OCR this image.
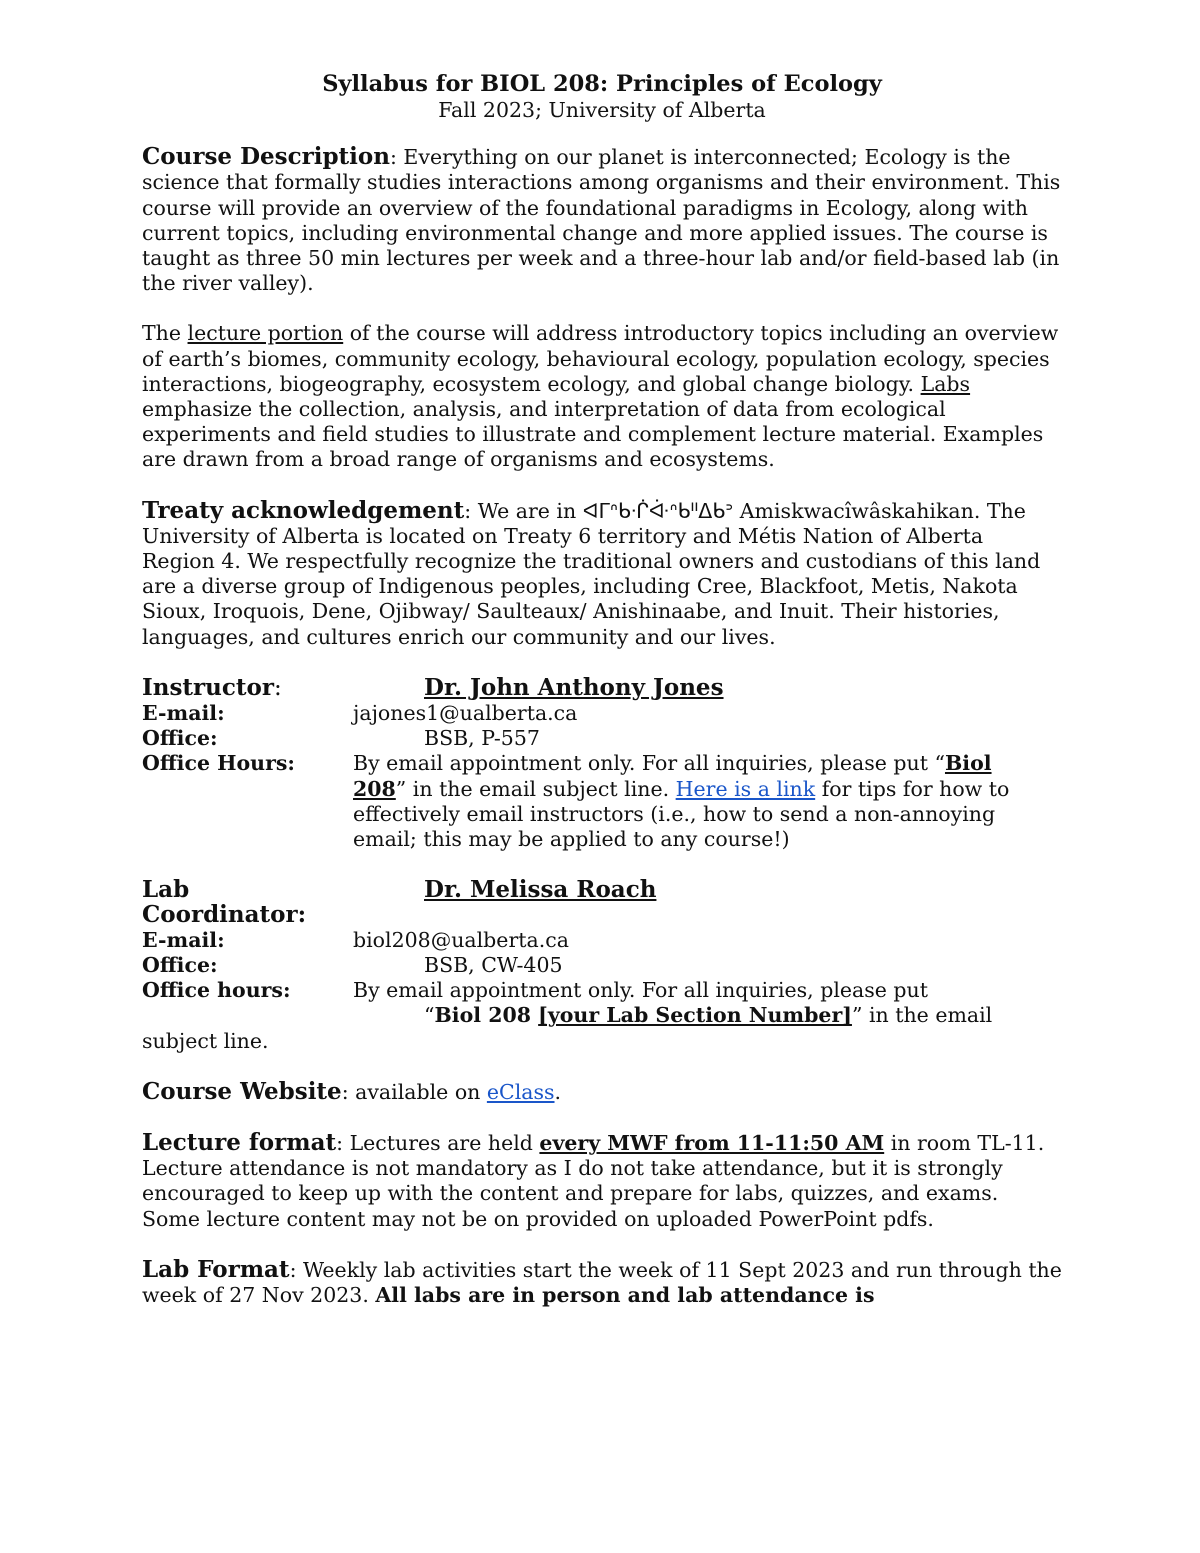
Syllabus for BIOL 208: Principles of Ecology

Fall 2023; University of Alberta

Course Description: Everything on our planet is interconnected; Ecology is the science that formally studies interactions among organisms and their environment. This course will provide an overview of the foundational paradigms in Ecology, along with current topics, including environmental change and more applied issues. The course is taught as three 50 min lectures per week and a three-hour lab and/or field-based lab (in the river valley).

The lecture portion of the course will address introductory topics including an overview of earth’s biomes, community ecology, behavioural ecology, population ecology, species interactions, biogeography, ecosystem ecology, and global change biology. Labs emphasize the collection, analysis, and interpretation of data from ecological experiments and field studies to illustrate and complement lecture material. Examples are drawn from a broad range of organisms and ecosystems.

Treaty acknowledgement: We are in ᐊᒥᐢᑲᐧᒌᐚᐢᑲᐦᐃᑲᐣ Amiskwacîwâskahikan. The University of Alberta is located on Treaty 6 territory and Métis Nation of Alberta Region 4. We respectfully recognize the traditional owners and custodians of this land are a diverse group of Indigenous peoples, including Cree, Blackfoot, Metis, Nakota Sioux, Iroquois, Dene, Ojibway/ Saulteaux/ Anishinaabe, and Inuit. Their histories, languages, and cultures enrich our community and our lives.

Instructor:	Dr. John Anthony Jones
E-mail:	jajones1@ualberta.ca
Office:	BSB, P-557
Office Hours:	By email appointment only. For all inquiries, please put “Biol 208” in the email subject line. Here is a link for tips for how to effectively email instructors (i.e., how to send a non-annoying email; this may be applied to any course!)
Lab Coordinator:
Dr. Melissa Roach
E-mail:	biol208@ualberta.ca
Office:	BSB, CW-405
Office hours:	By email appointment only. For all inquiries, please put
“Biol 208 [your Lab Section Number]” in the email
subject line.

Course Website: available on eClass.

Lecture format: Lectures are held every MWF from 11-11:50 AM in room TL-11. Lecture attendance is not mandatory as I do not take attendance, but it is strongly encouraged to keep up with the content and prepare for labs, quizzes, and exams. Some lecture content may not be on provided on uploaded PowerPoint pdfs.

Lab Format: Weekly lab activities start the week of 11 Sept 2023 and run through the week of 27 Nov 2023. All labs are in person and lab attendance is
